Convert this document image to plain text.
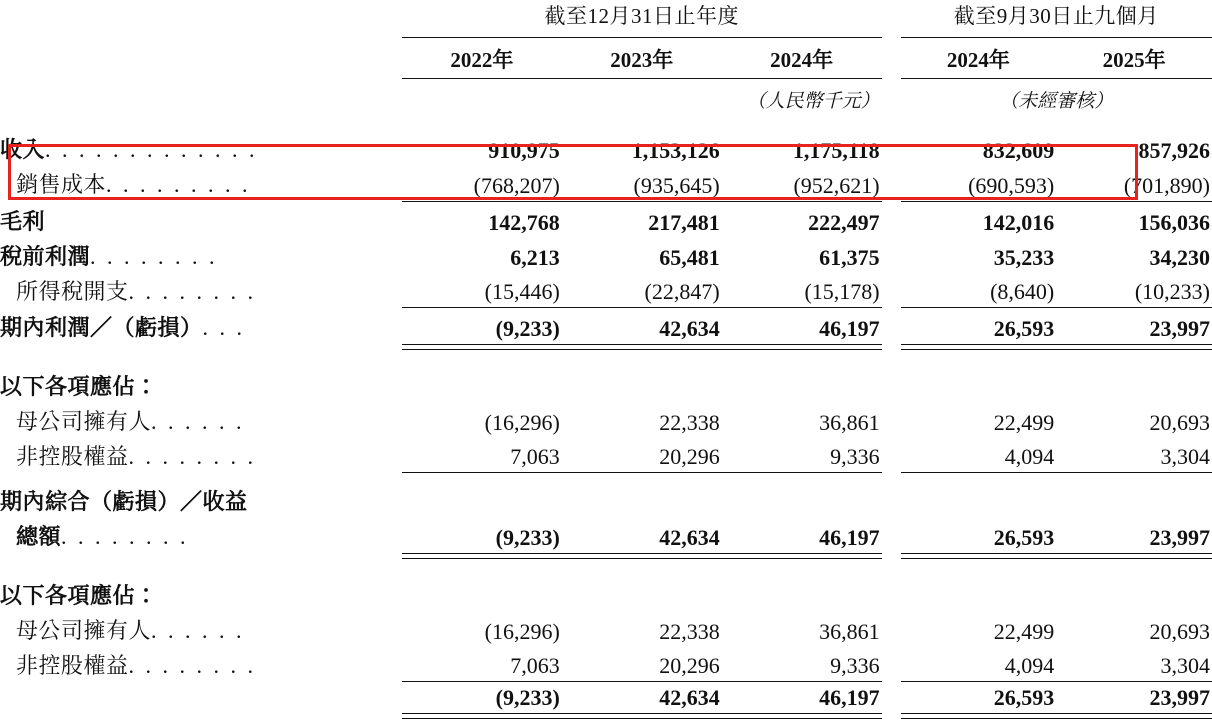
	截至12月31日止年度				截至9月30日止九個月	

	2022年	2023年	2024年		2024年	2025年
	（人民幣千元）				（未經審核）	

收入. . . . . . . . . . . . .	910,975	1,153,126	1,175,118		832,609	857,926
銷售成本. . . . . . . . .	(768,207)	(935,645)	(952,621)		(690,593)	(701,890)

毛利	142,768	217,481	222,497		142,016	156,036
稅前利潤. . . . . . . .	6,213	65,481	61,375		35,233	34,230
所得稅開支. . . . . . . .	(15,446)	(22,847)	(15,178)		(8,640)	(10,233)

期內利潤／（虧損）. . .	(9,233)	42,634	46,197		26,593	23,997

以下各項應佔：						
母公司擁有人. . . . . .	(16,296)	22,338	36,861		22,499	20,693
非控股權益. . . . . . . .	7,063	20,296	9,336		4,094	3,304

期內綜合（虧損）／收益						
總額. . . . . . . .	(9,233)	42,634	46,197		26,593	23,997

以下各項應佔：						
母公司擁有人. . . . . .	(16,296)	22,338	36,861		22,499	20,693
非控股權益. . . . . . . .	7,063	20,296	9,336		4,094	3,304

	(9,233)	42,634	46,197		26,593	23,997
